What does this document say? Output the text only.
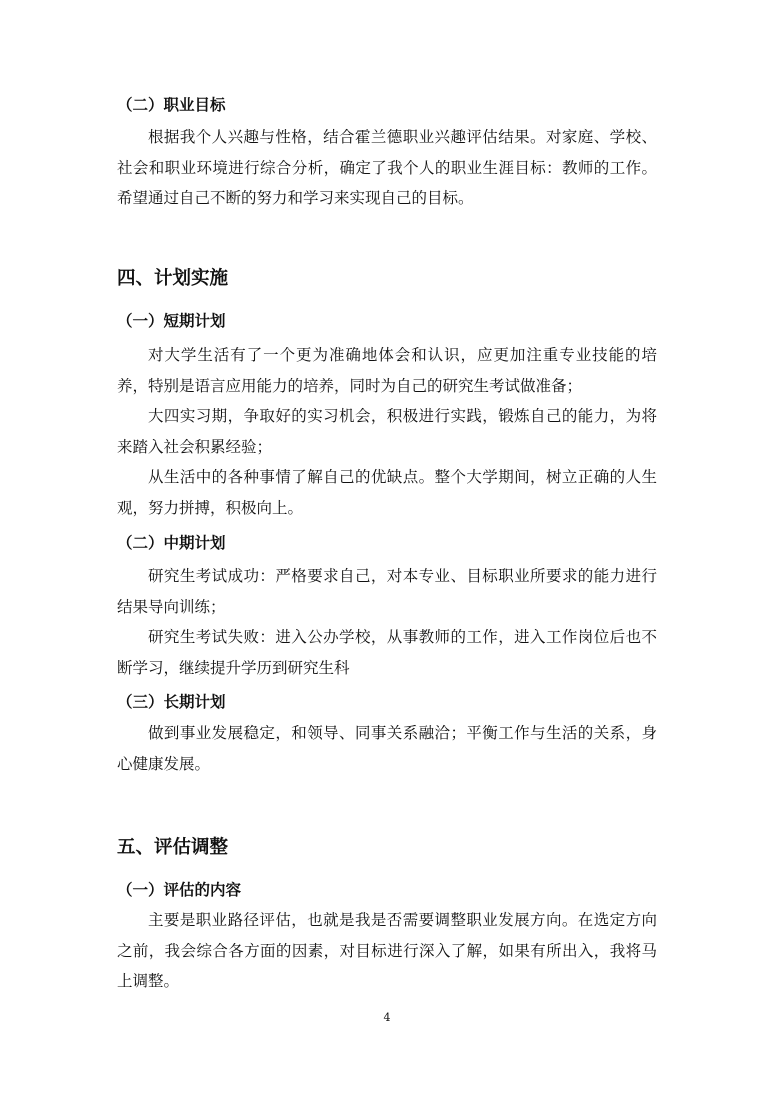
（二）职业目标
根据我个人兴趣与性格，结合霍兰德职业兴趣评估结果。对家庭、学校、社会和职业环境进行综合分析，确定了我个人的职业生涯目标：教师的工作。希望通过自己不断的努力和学习来实现自己的目标。
四、计划实施
（一）短期计划
对大学生活有了一个更为准确地体会和认识，应更加注重专业技能的培养，特别是语言应用能力的培养，同时为自己的研究生考试做准备；
大四实习期，争取好的实习机会，积极进行实践，锻炼自己的能力，为将来踏入社会积累经验；
从生活中的各种事情了解自己的优缺点。整个大学期间，树立正确的人生观，努力拼搏，积极向上。
（二）中期计划
研究生考试成功：严格要求自己，对本专业、目标职业所要求的能力进行结果导向训练；
研究生考试失败：进入公办学校，从事教师的工作，进入工作岗位后也不断学习，继续提升学历到研究生科
（三）长期计划
做到事业发展稳定，和领导、同事关系融洽；平衡工作与生活的关系，身心健康发展。
五、评估调整
（一）评估的内容
主要是职业路径评估，也就是我是否需要调整职业发展方向。在选定方向之前，我会综合各方面的因素，对目标进行深入了解，如果有所出入，我将马上调整。
4
